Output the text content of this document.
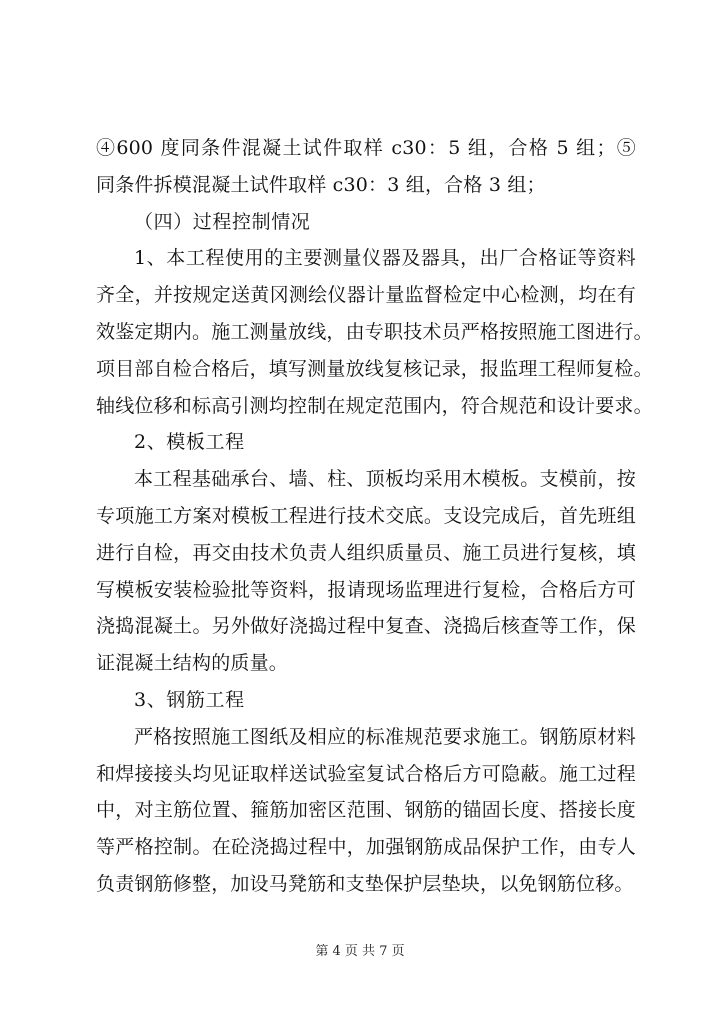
④600 度同条件混凝土试件取样 c30：5 组，合格 5 组；⑤
同条件拆模混凝土试件取样 c30：3 组，合格 3 组；
（四）过程控制情况
1、本工程使用的主要测量仪器及器具，出厂合格证等资料
齐全，并按规定送黄冈测绘仪器计量监督检定中心检测，均在有
效鉴定期内。施工测量放线，由专职技术员严格按照施工图进行。
项目部自检合格后，填写测量放线复核记录，报监理工程师复检。
轴线位移和标高引测均控制在规定范围内，符合规范和设计要求。
2、模板工程
本工程基础承台、墙、柱、顶板均采用木模板。支模前，按
专项施工方案对模板工程进行技术交底。支设完成后，首先班组
进行自检，再交由技术负责人组织质量员、施工员进行复核，填
写模板安装检验批等资料，报请现场监理进行复检，合格后方可
浇捣混凝土。另外做好浇捣过程中复查、浇捣后核查等工作，保
证混凝土结构的质量。
3、钢筋工程
严格按照施工图纸及相应的标准规范要求施工。钢筋原材料
和焊接接头均见证取样送试验室复试合格后方可隐蔽。施工过程
中，对主筋位置、箍筋加密区范围、钢筋的锚固长度、搭接长度
等严格控制。在砼浇捣过程中，加强钢筋成品保护工作，由专人
负责钢筋修整，加设马凳筋和支垫保护层垫块，以免钢筋位移。
第 4 页 共 7 页
